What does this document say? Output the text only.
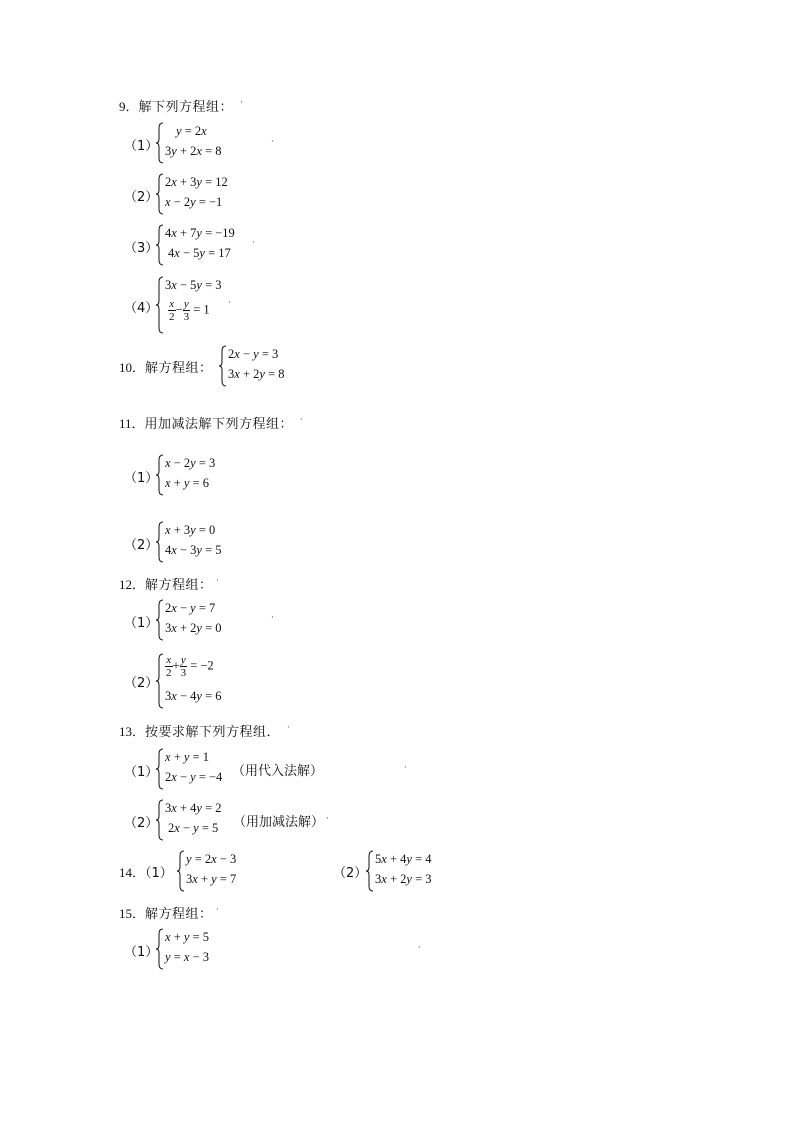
9．解下列方程组： ·
（1）
y = 2x
3y + 2x = 8
·
（2）
2x + 3y = 12
x − 2y = −1
（3）
4x + 7y = −19
4x − 5y = 17
·
（4）
3x − 5y = 3
$\frac{x}{2} - \frac{y}{3} = 1$ ·
10．解方程组：
2x − y = 3
3x + 2y = 8
11．用加减法解下列方程组： ·
（1）
x − 2y = 3
x + y = 6
（2）
x + 3y = 0
4x − 3y = 5
12．解方程组： ·
（1）
2x − y = 7
3x + 2y = 0
·
（2）
$\frac{x}{2} + \frac{y}{3} = -2$
3x − 4y = 6
13．按要求解下列方程组． ·
（1）
x + y = 1
2x − y = −4 （用代入法解）	·
（2）
3x + 4y = 2
2x − y = 5 （用加减法解） ·
14．（1）
y = 2x − 3
3x + y = 7	（2）
5x + 4y = 4
3x + 2y = 3
15．解方程组： ·
（1）
x + y = 5
y = x − 3
·
